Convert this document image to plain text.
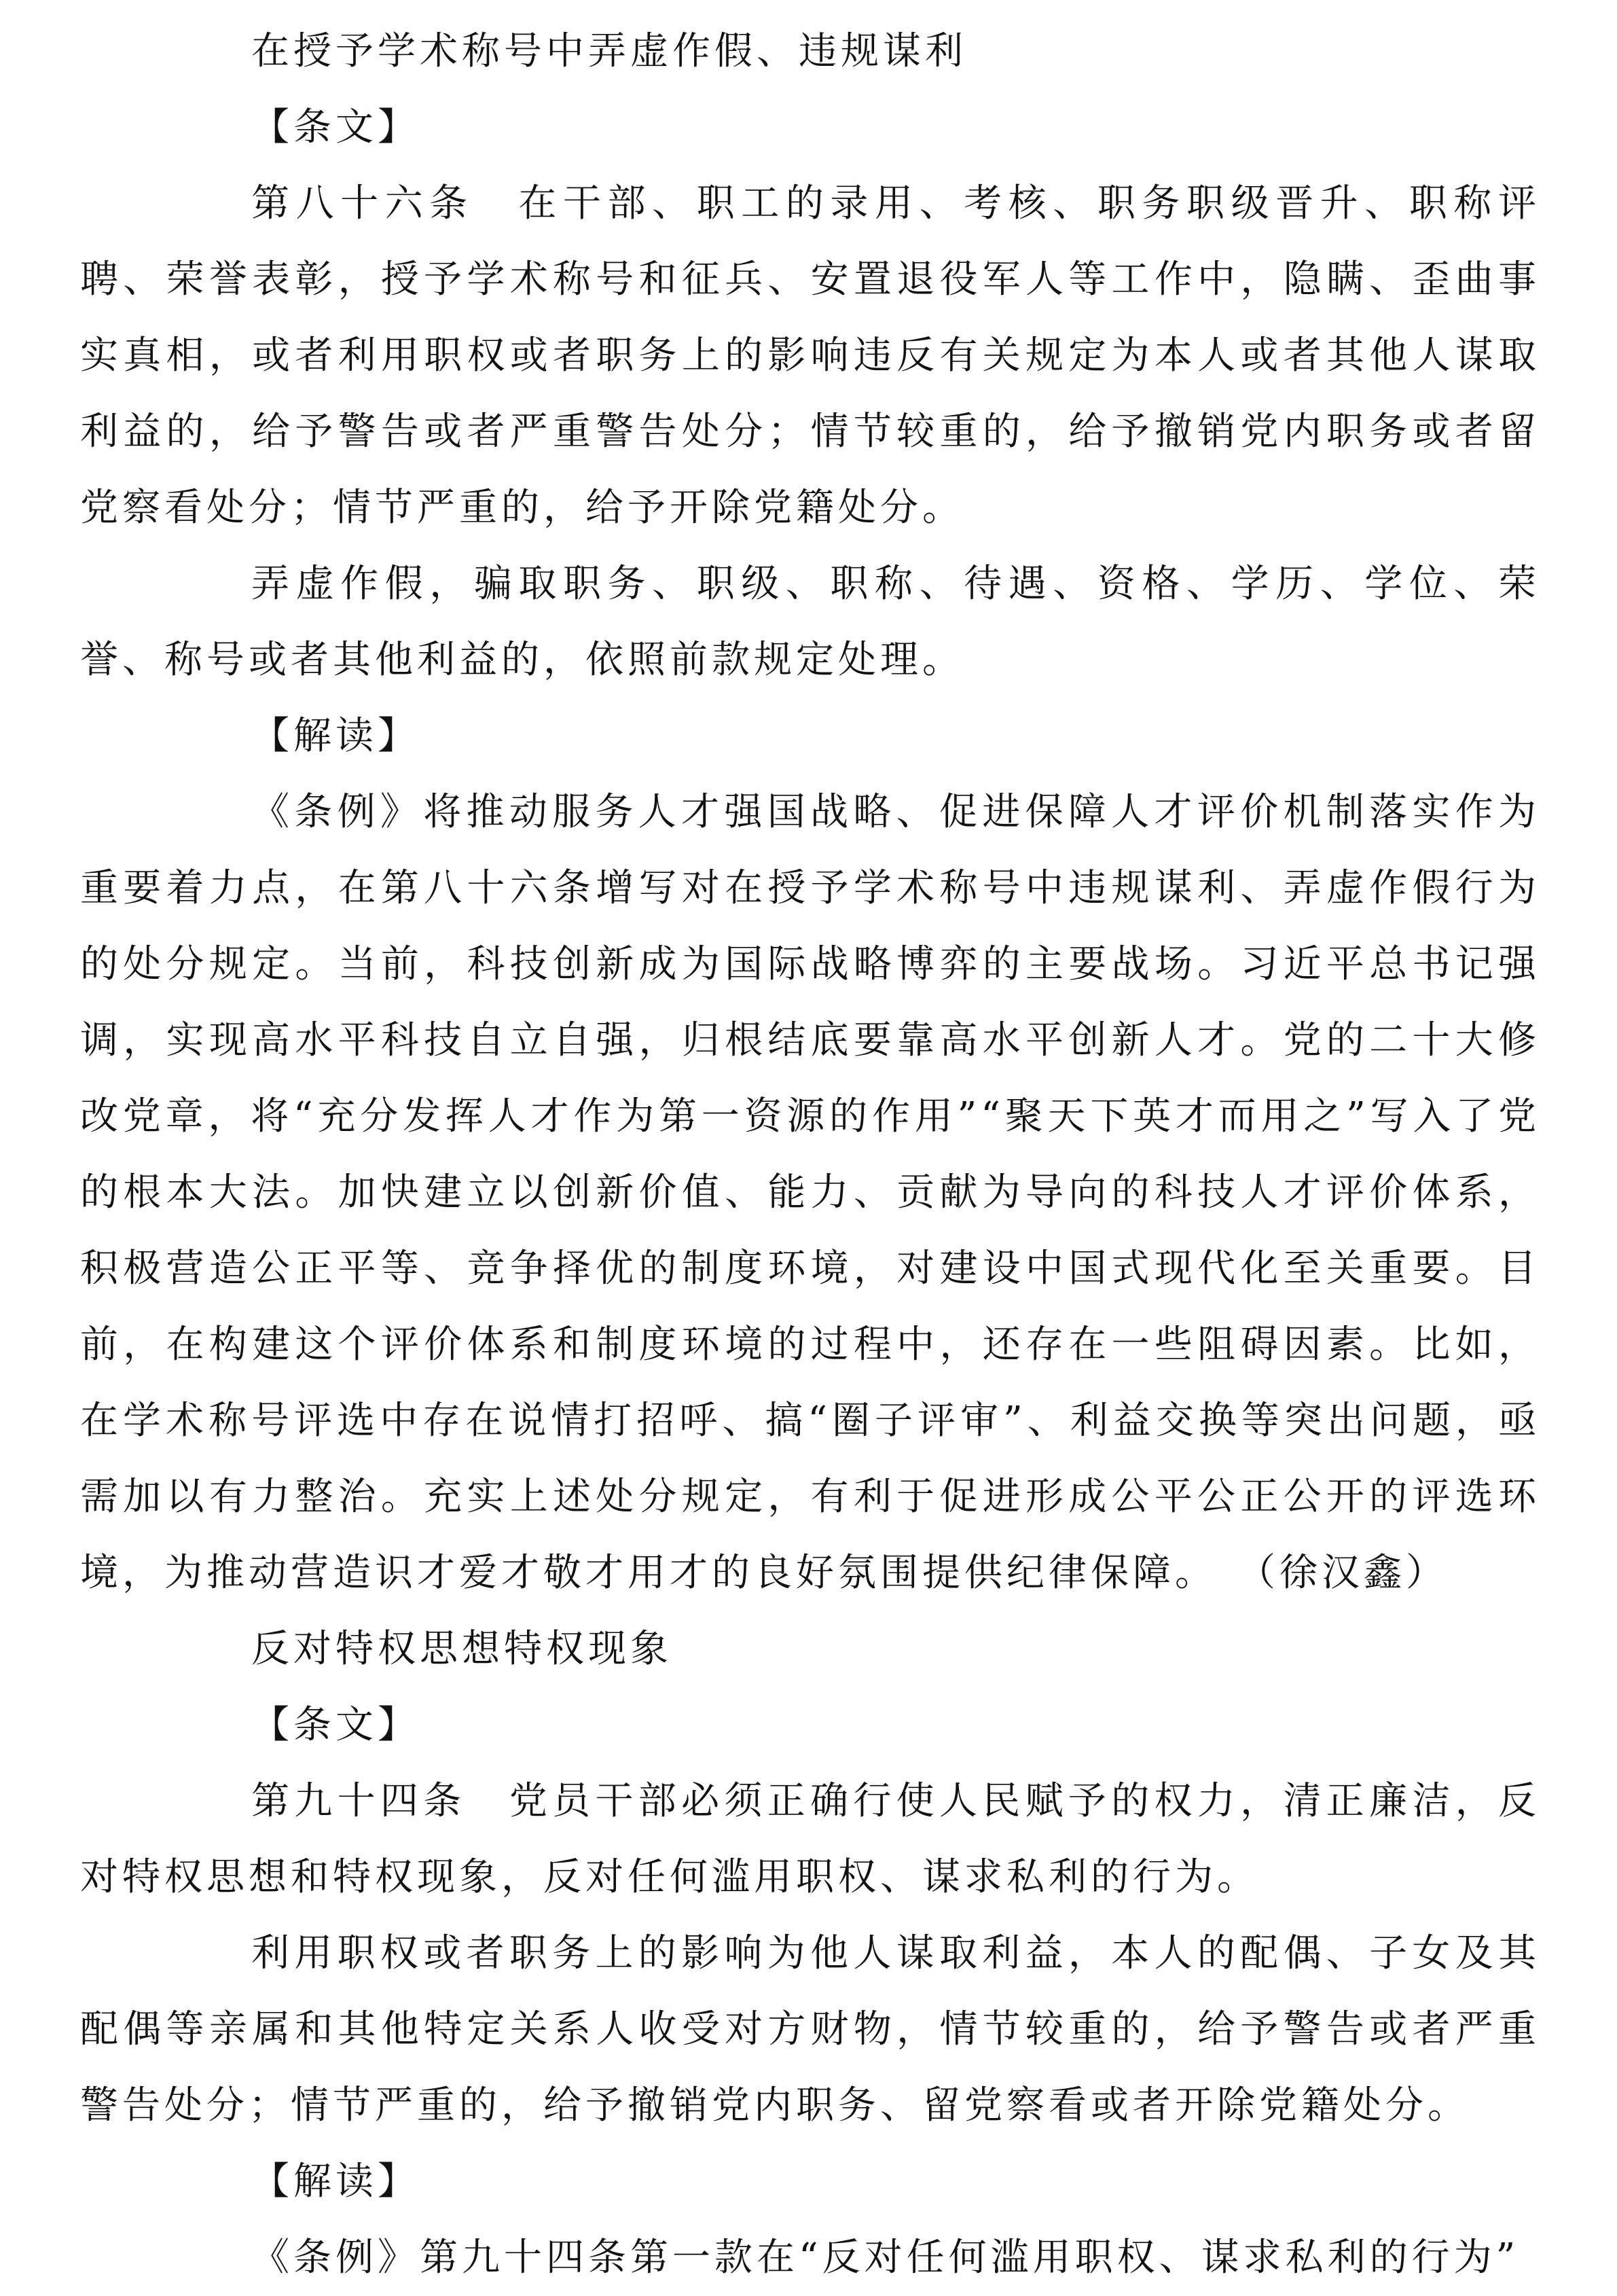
在授予学术称号中弄虚作假、违规谋利

【条文】

第八十六条　在干部、职工的录用、考核、职务职级晋升、职称评聘、荣誉表彰，授予学术称号和征兵、安置退役军人等工作中，隐瞒、歪曲事实真相，或者利用职权或者职务上的影响违反有关规定为本人或者其他人谋取利益的，给予警告或者严重警告处分；情节较重的，给予撤销党内职务或者留党察看处分；情节严重的，给予开除党籍处分。

弄虚作假，骗取职务、职级、职称、待遇、资格、学历、学位、荣誉、称号或者其他利益的，依照前款规定处理。

【解读】

《条例》将推动服务人才强国战略、促进保障人才评价机制落实作为重要着力点，在第八十六条增写对在授予学术称号中违规谋利、弄虚作假行为的处分规定。当前，科技创新成为国际战略博弈的主要战场。习近平总书记强调，实现高水平科技自立自强，归根结底要靠高水平创新人才。党的二十大修改党章，将“充分发挥人才作为第一资源的作用”“聚天下英才而用之”写入了党的根本大法。加快建立以创新价值、能力、贡献为导向的科技人才评价体系，积极营造公正平等、竞争择优的制度环境，对建设中国式现代化至关重要。目前，在构建这个评价体系和制度环境的过程中，还存在一些阻碍因素。比如，在学术称号评选中存在说情打招呼、搞“圈子评审”、利益交换等突出问题，亟需加以有力整治。充实上述处分规定，有利于促进形成公平公正公开的评选环境，为推动营造识才爱才敬才用才的良好氛围提供纪律保障。 （徐汉鑫）

反对特权思想特权现象

【条文】

第九十四条　党员干部必须正确行使人民赋予的权力，清正廉洁，反对特权思想和特权现象，反对任何滥用职权、谋求私利的行为。

利用职权或者职务上的影响为他人谋取利益，本人的配偶、子女及其配偶等亲属和其他特定关系人收受对方财物，情节较重的，给予警告或者严重警告处分；情节严重的，给予撤销党内职务、留党察看或者开除党籍处分。

【解读】

《条例》第九十四条第一款在“反对任何滥用职权、谋求私利的行为”
